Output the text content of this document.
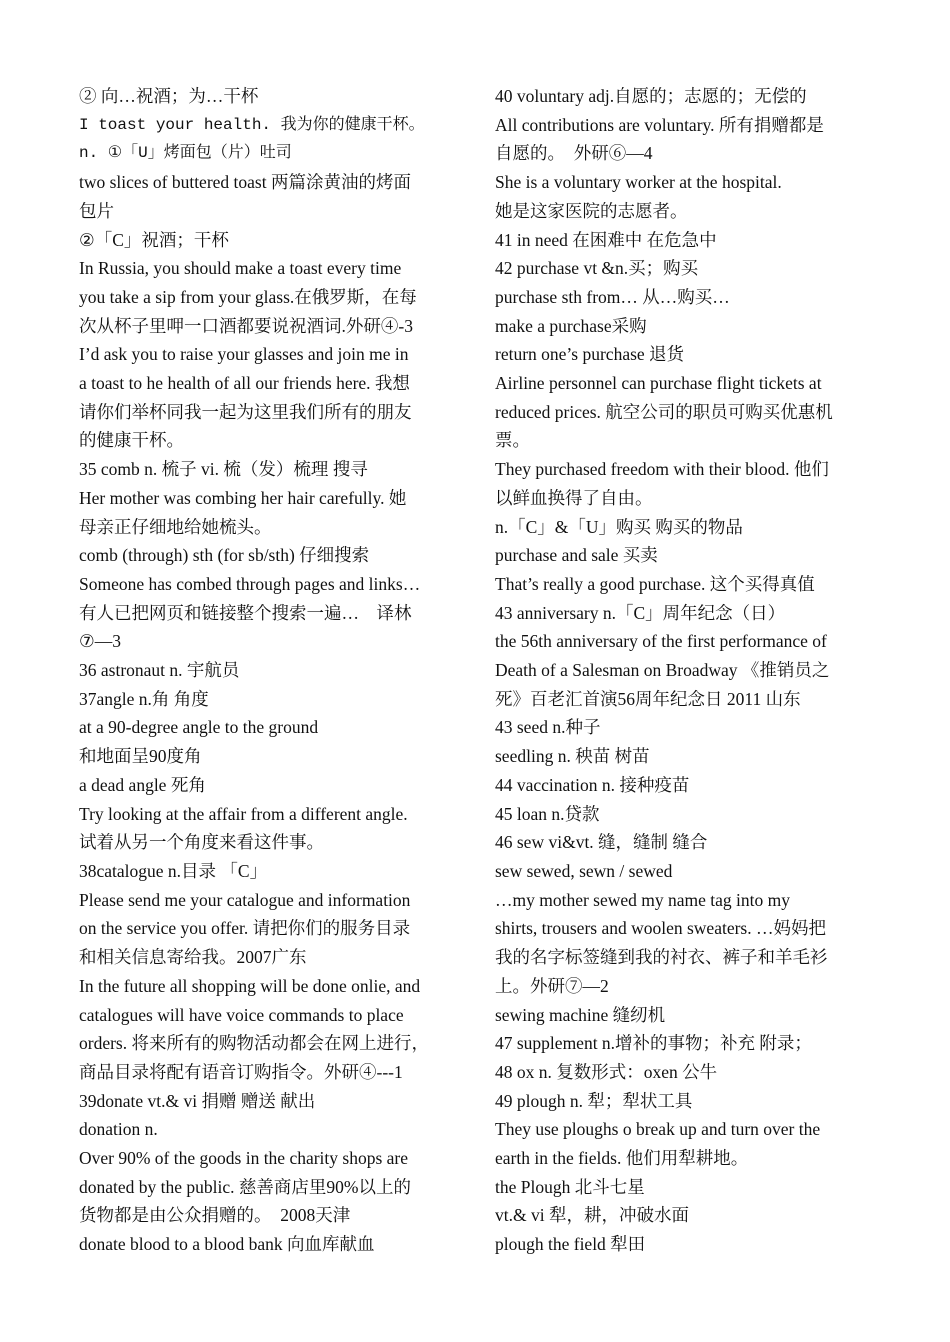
② 向…祝酒；为…干杯
I toast your health. 我为你的健康干杯。
n. ①「U」烤面包（片）吐司
two slices of buttered toast 两篇涂黄油的烤面
包片
②「C」祝酒；干杯
In Russia, you should make a toast every time
you take a sip from your glass.在俄罗斯，在每
次从杯子里呷一口酒都要说祝酒词.外研④-3
I’d ask you to raise your glasses and join me in
a toast to he health of all our friends here. 我想
请你们举杯同我一起为这里我们所有的朋友
的健康干杯。
35 comb n. 梳子 vi. 梳（发）梳理 搜寻
Her mother was combing her hair carefully. 她
母亲正仔细地给她梳头。
comb (through) sth (for sb/sth) 仔细搜索
Someone has combed through pages and links…
有人已把网页和链接整个搜索一遍…　译林
⑦—3
36 astronaut n. 宇航员
37angle n.角 角度
at a 90-degree angle to the ground
和地面呈90度角
a dead angle 死角
Try looking at the affair from a different angle.
试着从另一个角度来看这件事。
38catalogue n.目录 「C」
Please send me your catalogue and information
on the service you offer. 请把你们的服务目录
和相关信息寄给我。2007广东
In the future all shopping will be done onlie, and
catalogues will have voice commands to place
orders. 将来所有的购物活动都会在网上进行，
商品目录将配有语音订购指令。外研④---1
39donate vt.& vi 捐赠 赠送 献出
donation n.
Over 90% of the goods in the charity shops are
donated by the public. 慈善商店里90%以上的
货物都是由公众捐赠的。　2008天津
donate blood to a blood bank 向血库献血
40 voluntary adj.自愿的；志愿的；无偿的
All contributions are voluntary. 所有捐赠都是
自愿的。　外研⑥—4
She is a voluntary worker at the hospital.
她是这家医院的志愿者。
41 in need 在困难中 在危急中
42 purchase vt &n.买；购买
purchase sth from… 从…购买…
make a purchase采购
return one’s purchase 退货
Airline personnel can purchase flight tickets at
reduced prices. 航空公司的职员可购买优惠机
票。
They purchased freedom with their blood. 他们
以鲜血换得了自由。
n.「C」&「U」购买 购买的物品
purchase and sale 买卖
That’s really a good purchase. 这个买得真值
43 anniversary n.「C」周年纪念（日）
the 56th anniversary of the first performance of
Death of a Salesman on Broadway 《推销员之
死》百老汇首演56周年纪念日 2011 山东
43 seed n.种子
seedling n. 秧苗 树苗
44 vaccination n. 接种疫苗
45 loan n.贷款
46 sew vi&vt. 缝，缝制 缝合
sew sewed, sewn / sewed
…my mother sewed my name tag into my
shirts, trousers and woolen sweaters. …妈妈把
我的名字标签缝到我的衬衣、裤子和羊毛衫
上。外研⑦—2
sewing machine 缝纫机
47 supplement n.增补的事物；补充 附录；
48 ox n. 复数形式：oxen 公牛
49 plough n. 犁；犁状工具
They use ploughs o break up and turn over the
earth in the fields. 他们用犁耕地。
the Plough 北斗七星
vt.& vi 犁，耕，冲破水面
plough the field 犁田
